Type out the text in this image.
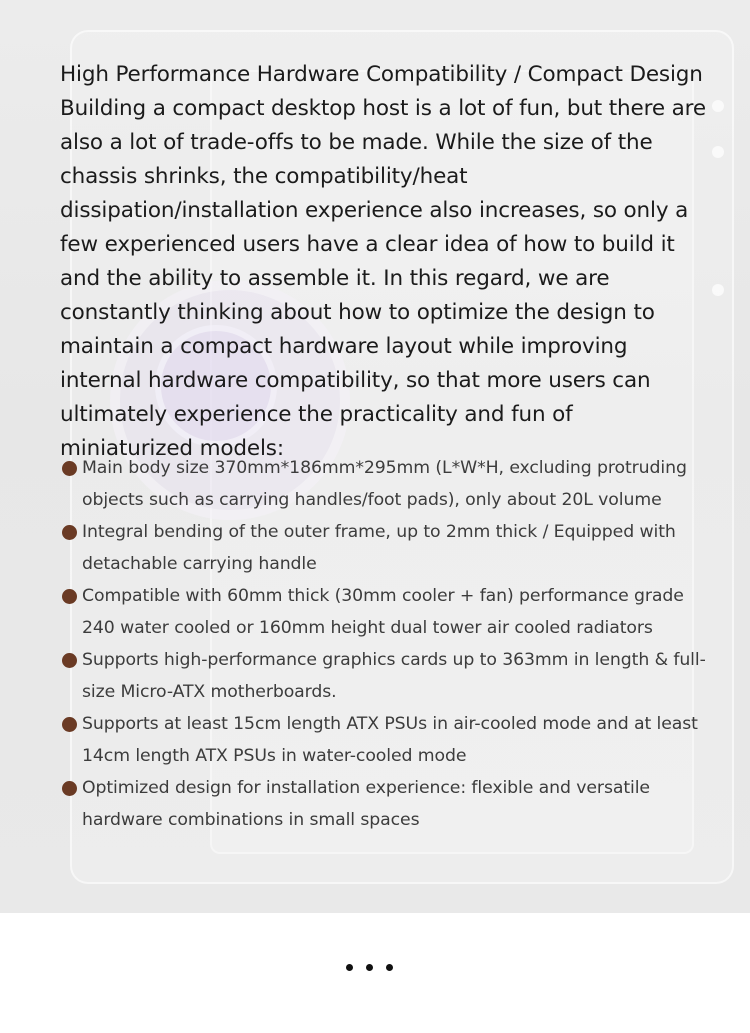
High Performance Hardware Compatibility / Compact Design Building a compact desktop host is a lot of fun, but there are also a lot of trade-offs to be made. While the size of the chassis shrinks, the compatibility/heat dissipation/installation experience also increases, so only a few experienced users have a clear idea of how to build it and the ability to assemble it. In this regard, we are constantly thinking about how to optimize the design to maintain a compact hardware layout while improving internal hardware compatibility, so that more users can ultimately experience the practicality and fun of miniaturized models:

Main body size 370mm*186mm*295mm (L*W*H, excluding protruding objects such as carrying handles/foot pads), only about 20L volume
Integral bending of the outer frame, up to 2mm thick / Equipped with detachable carrying handle
Compatible with 60mm thick (30mm cooler + fan) performance grade 240 water cooled or 160mm height dual tower air cooled radiators
Supports high-performance graphics cards up to 363mm in length & full-size Micro-ATX motherboards.
Supports at least 15cm length ATX PSUs in air-cooled mode and at least 14cm length ATX PSUs in water-cooled mode
Optimized design for installation experience: flexible and versatile hardware combinations in small spaces
